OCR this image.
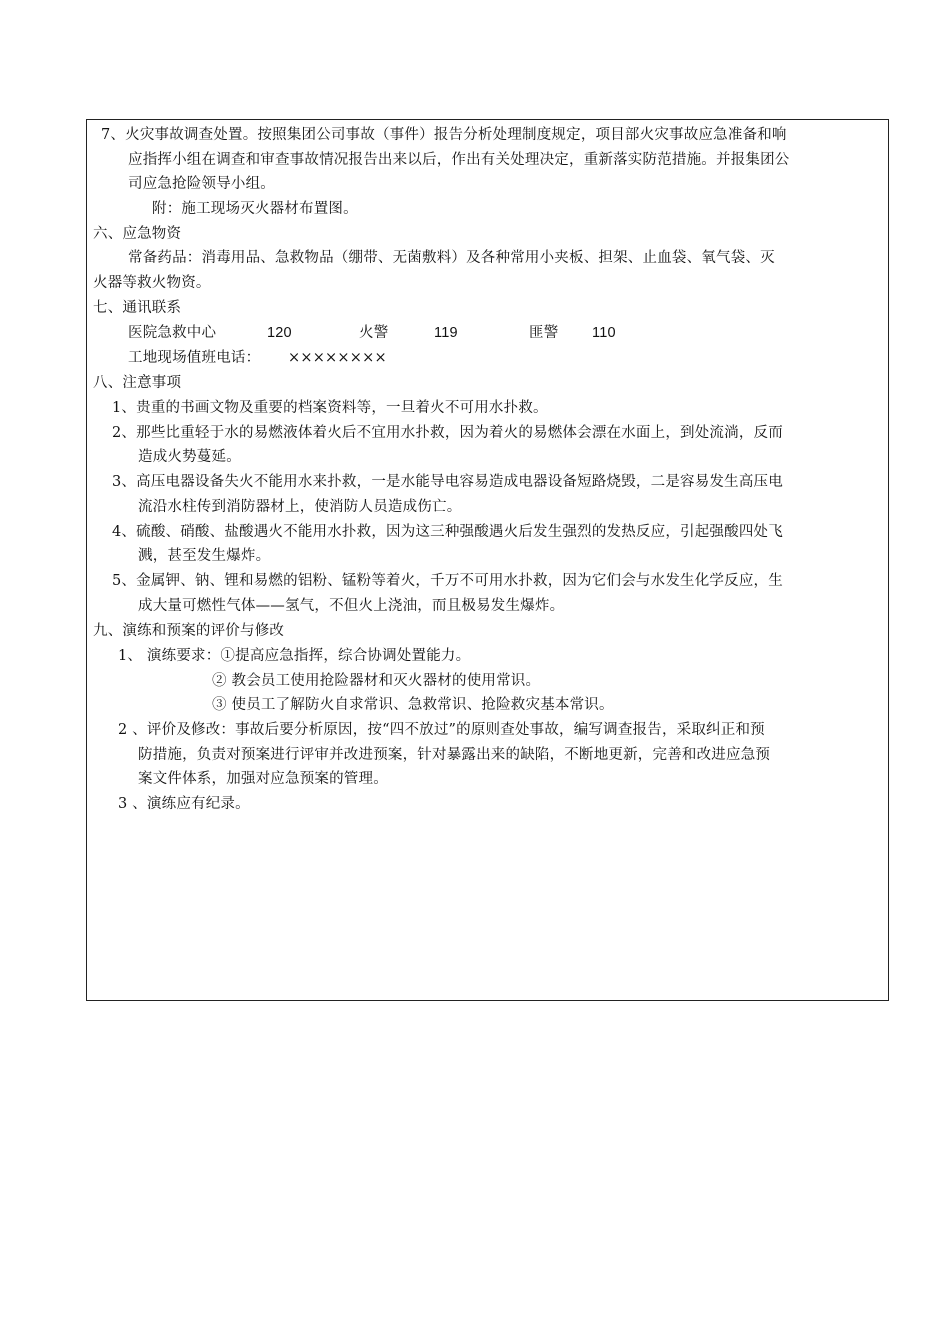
7、火灾事故调查处置。按照集团公司事故（事件）报告分析处理制度规定，项目部火灾事故应急准备和响
应指挥小组在调查和审查事故情况报告出来以后，作出有关处理决定，重新落实防范措施。并报集团公
司应急抢险领导小组。
附：施工现场灭火器材布置图。
六、应急物资
常备药品：消毒用品、急救物品（绷带、无菌敷料）及各种常用小夹板、担架、止血袋、氧气袋、灭
火器等救火物资。
七、通讯联系
医院急救中心	120	火警	119	匪警 110
工地现场值班电话： ××××××××
八、注意事项
1、贵重的书画文物及重要的档案资料等，一旦着火不可用水扑救。
2、那些比重轻于水的易燃液体着火后不宜用水扑救，因为着火的易燃体会漂在水面上，到处流淌，反而
造成火势蔓延。
3、高压电器设备失火不能用水来扑救，一是水能导电容易造成电器设备短路烧毁，二是容易发生高压电
流沿水柱传到消防器材上，使消防人员造成伤亡。
4、硫酸、硝酸、盐酸遇火不能用水扑救，因为这三种强酸遇火后发生强烈的发热反应，引起强酸四处飞
溅，甚至发生爆炸。
5、金属钾、钠、锂和易燃的铝粉、锰粉等着火，千万不可用水扑救，因为它们会与水发生化学反应，生
成大量可燃性气体——氢气，不但火上浇油，而且极易发生爆炸。
九、演练和预案的评价与修改
1、 演练要求：①提高应急指挥，综合协调处置能力。
② 教会员工使用抢险器材和灭火器材的使用常识。
③ 使员工了解防火自求常识、急救常识、抢险救灾基本常识。
2 、评价及修改：事故后要分析原因，按“四不放过”的原则查处事故，编写调查报告，采取纠正和预
防措施，负责对预案进行评审并改进预案，针对暴露出来的缺陷，不断地更新，完善和改进应急预
案文件体系，加强对应急预案的管理。
3 、演练应有纪录。
